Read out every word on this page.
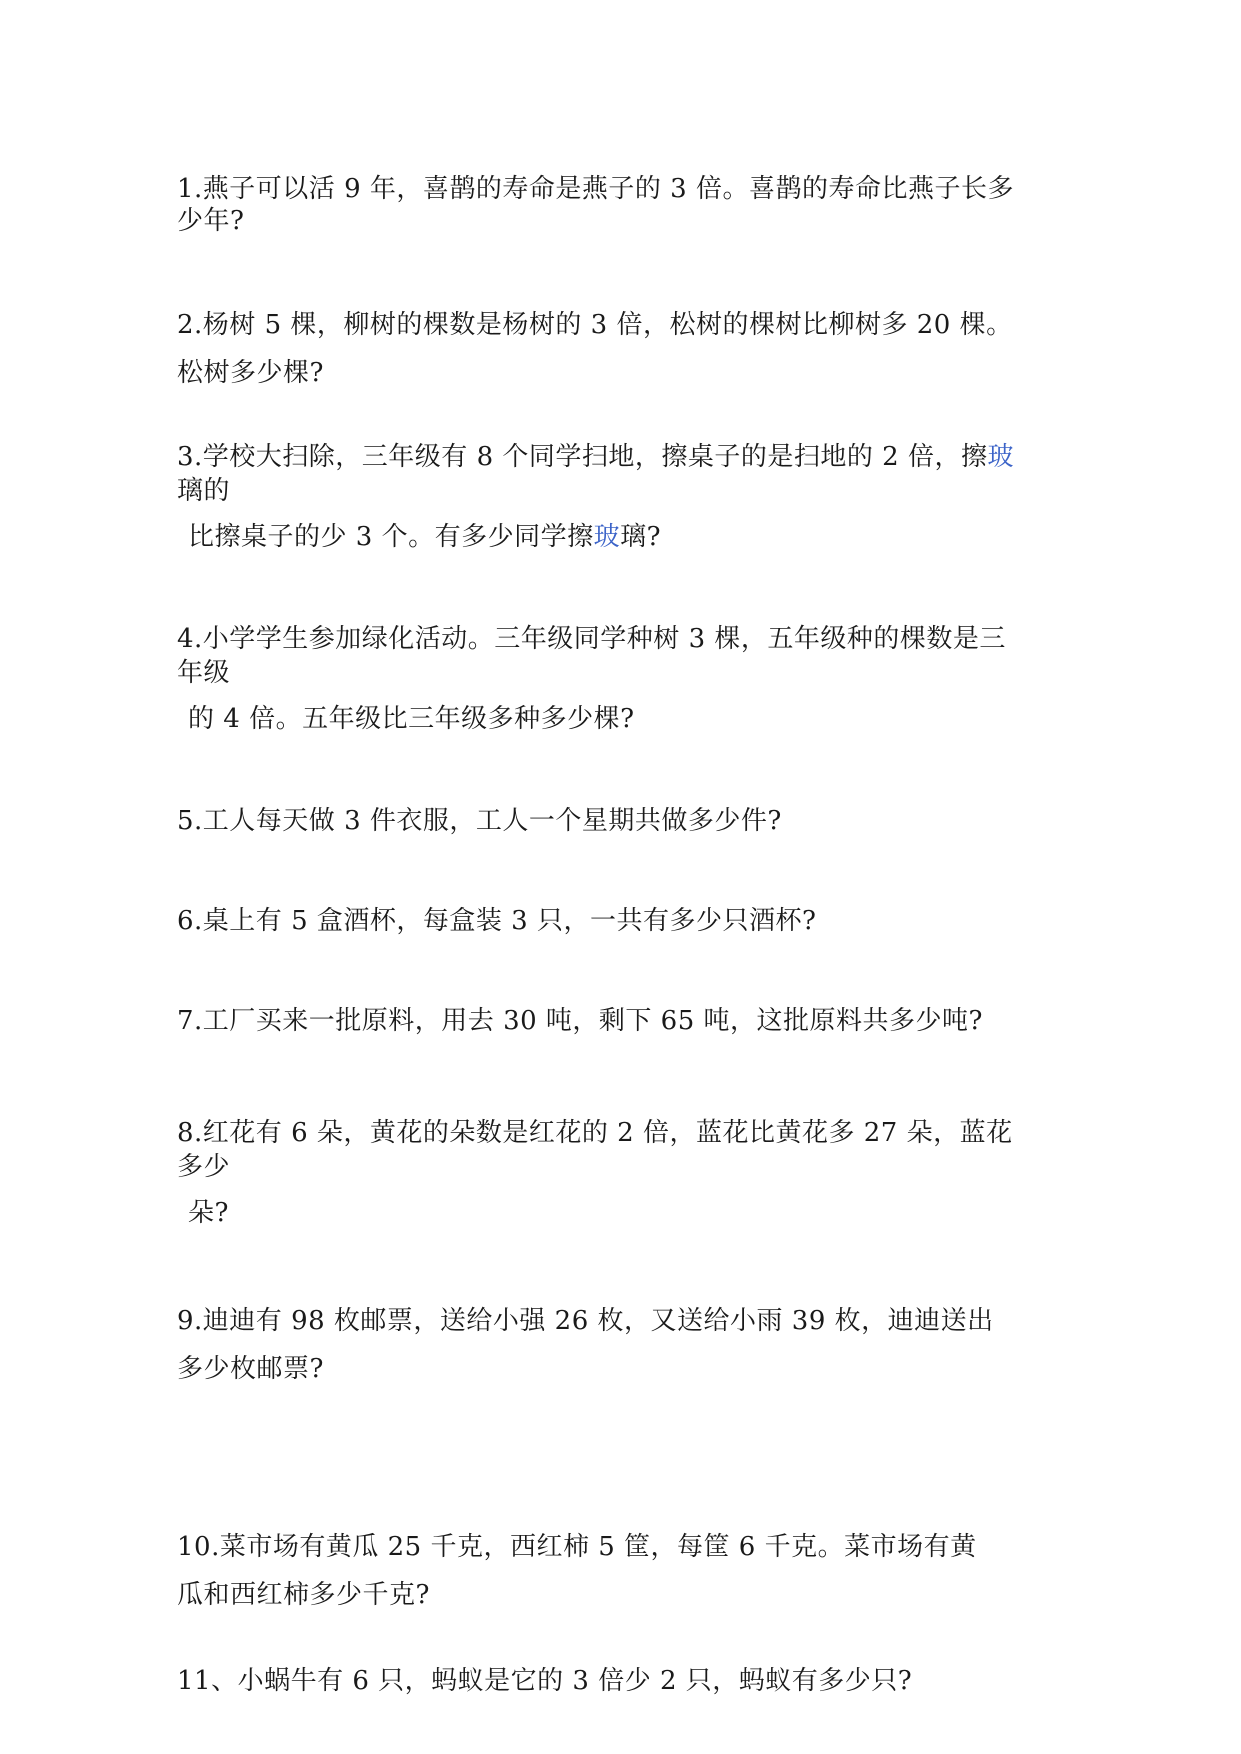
1.燕子可以活 9 年，喜鹊的寿命是燕子的 3 倍。喜鹊的寿命比燕子长多
少年?
2.杨树 5 棵，柳树的棵数是杨树的 3 倍，松树的棵树比柳树多 20 棵。
松树多少棵?
3.学校大扫除，三年级有 8 个同学扫地，擦桌子的是扫地的 2 倍，擦玻
璃的
比擦桌子的少 3 个。有多少同学擦玻璃?
4.小学学生参加绿化活动。三年级同学种树 3 棵，五年级种的棵数是三
年级
的 4 倍。五年级比三年级多种多少棵?
5.工人每天做 3 件衣服，工人一个星期共做多少件?
6.桌上有 5 盒酒杯，每盒装 3 只，一共有多少只酒杯?
7.工厂买来一批原料，用去 30 吨，剩下 65 吨，这批原料共多少吨?
8.红花有 6 朵，黄花的朵数是红花的 2 倍，蓝花比黄花多 27 朵，蓝花
多少
朵?
9.迪迪有 98 枚邮票，送给小强 26 枚，又送给小雨 39 枚，迪迪送出
多少枚邮票?
10.菜市场有黄瓜 25 千克，西红柿 5 筐，每筐 6 千克。菜市场有黄
瓜和西红柿多少千克?
11、小蜗牛有 6 只，蚂蚁是它的 3 倍少 2 只，蚂蚁有多少只?
